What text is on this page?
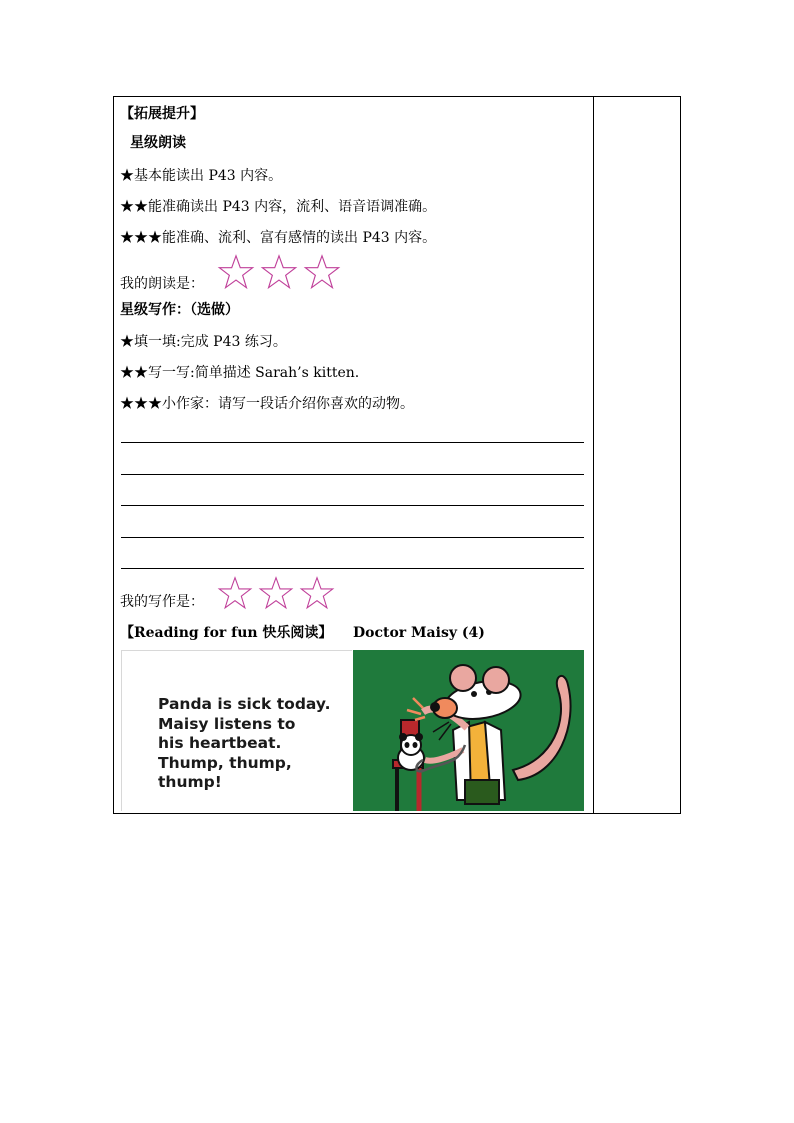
【拓展提升】
星级朗读
★基本能读出 P43 内容。
★★能准确读出 P43 内容，流利、语音语调准确。
★★★能准确、流利、富有感情的读出 P43 内容。
我的朗读是：

星级写作：（选做）
★填一填:完成 P43 练习。
★★写一写:简单描述 Sarah’s kitten.
★★★小作家：请写一段话介绍你喜欢的动物。
我的写作是：

【Reading for fun 快乐阅读】 Doctor Maisy (4)
Panda is sick today.
Maisy listens to
his heartbeat.
Thump, thump,
thump!
